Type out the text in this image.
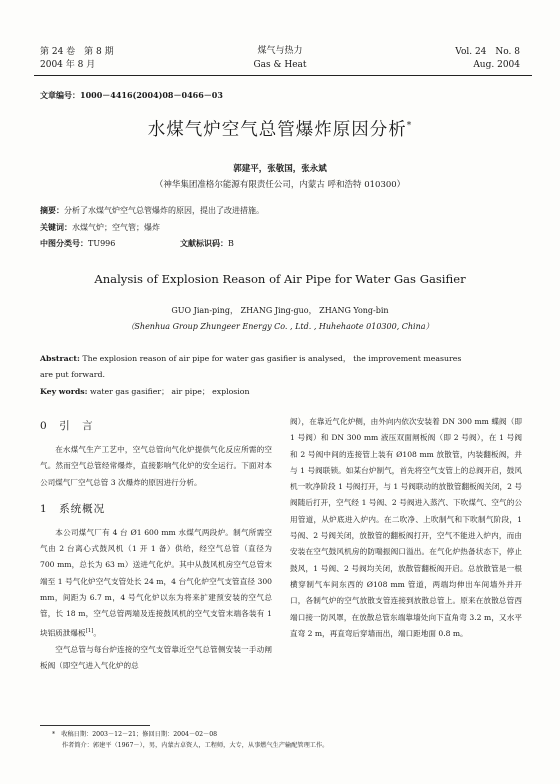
第 24 卷　第 8 期
2004 年 8 月
煤气与热力
Gas & Heat
Vol. 24　No. 8
Aug. 2004
文章编号：1000－4416(2004)08－0466－03
水煤气炉空气总管爆炸原因分析*
郭建平，张敬国，张永斌
（神华集团准格尔能源有限责任公司，内蒙古 呼和浩特 010300）
摘要：分析了水煤气炉空气总管爆炸的原因，提出了改进措施。
关键词：水煤气炉；空气管；爆炸
中图分类号：TU996	文献标识码：B
Analysis of Explosion Reason of Air Pipe for Water Gas Gasifier
GUO Jian-ping， ZHANG Jing-guo， ZHANG Yong-bin
（Shenhua Group Zhungeer Energy Co. , Ltd. , Huhehaote 010300, China）
Abstract: The explosion reason of air pipe for water gas gasifier is analysed， the improvement measures
are put forward.
Key words: water gas gasifier； air pipe； explosion
0　 引　言

在水煤气生产工艺中，空气总管向气化炉提供气化反应所需的空气。然而空气总管经常爆炸，直接影响气化炉的安全运行。下面对本公司煤气厂空气总管 3 次爆炸的原因进行分析。

1　 系统概况

本公司煤气厂有 4 台 Ø1 600 mm 水煤气两段炉。制气所需空气由 2 台离心式鼓风机（1 开 1 备）供给，经空气总管（直径为 700 mm，总长为 63 m）送进气化炉。其中从鼓风机房空气总管末端至 1 号气化炉空气支管处长 24 m，4 台气化炉空气支管直径 300 mm，间距为 6.7 m，4 号气化炉以东为将来扩建预安装的空气总管，长 18 m，空气总管两端及连接鼓风机的空气支管末端各装有 1 块铝质泄爆板[1]。

空气总管与每台炉连接的空气支管靠近空气总管侧安装一手动闸板阀（即空气进入气化炉的总

阀），在靠近气化炉侧，由外向内依次安装着 DN 300 mm 蝶阀（即 1 号阀）和 DN 300 mm 液压双面闸板阀（即 2 号阀），在 1 号阀和 2 号阀中间的连接管上装有 Ø108 mm 放散管，内装翻板阀，并与 1 号阀联锁。如某台炉制气，首先将空气支管上的总阀开启，鼓风机一吹净阶段 1 号阀打开，与 1 号阀联动的放散管翻板阀关闭，2 号阀随后打开，空气经 1 号阀、2 号阀进入蒸汽、下吹煤气、空气的公用管道，从炉底进入炉内。在二吹净、上吹制气和下吹制气阶段，1 号阀、2 号阀关闭，放散管的翻板阀打开，空气不能进入炉内，而由安装在空气鼓风机房的防喘振阀口溢出。在气化炉热备状态下，停止鼓风，1 号阀、2 号阀均关闭，放散管翻板阀开启。总放散管是一根横穿制气车间东西的 Ø108 mm 管道，两端均伸出车间墙外并开口，各制气炉的空气放散支管连接到放散总管上。原来在放散总管西端口接一防风罩，在放散总管东端靠墙处向下直角弯 3.2 m，又水平直弯 2 m，再直弯后穿墙而出，端口距地面 0.8 m。

*　 收稿日期：2003－12－21；修回日期：2004－02－08
作者简介：郭建平（1967－），男，内蒙古卓资人，工程师，大专，从事燃气生产输配管理工作。
